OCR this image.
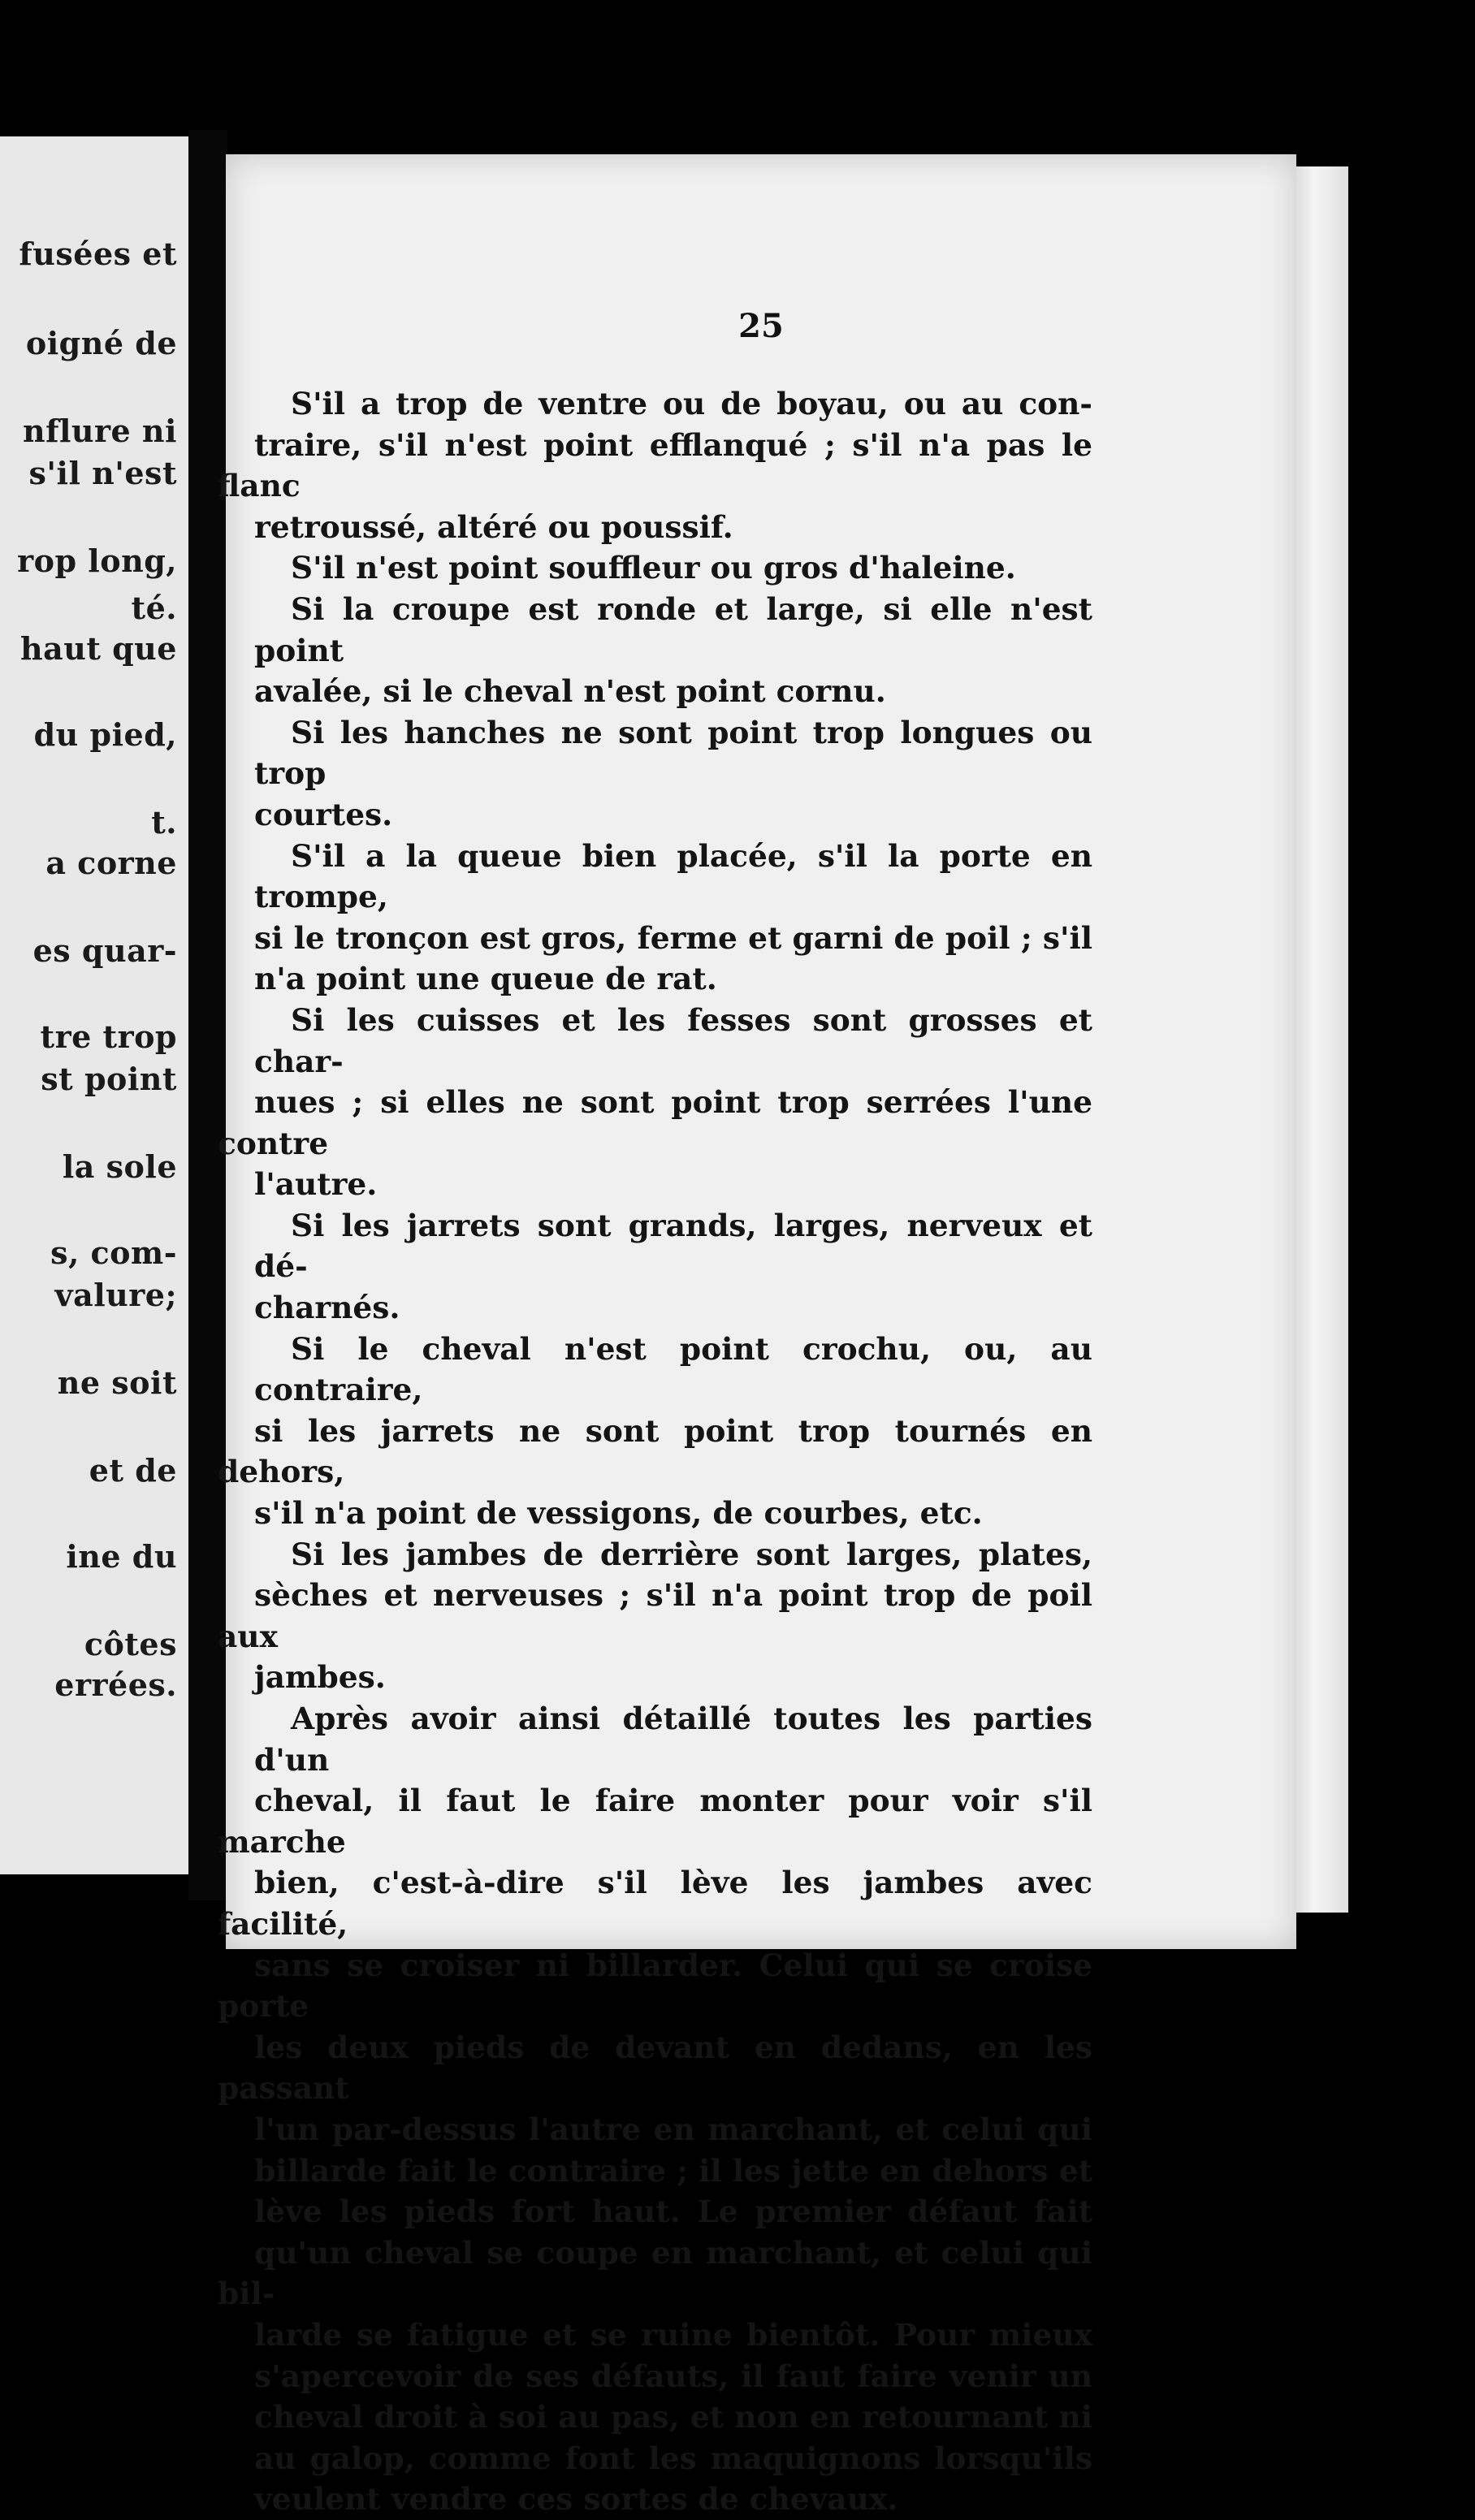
fusées et
oigné de
nflure ni
s'il n'est
rop long,
té.
haut que
du pied,
t.
a corne
es quar-
tre trop
st point
la sole
s, com-
valure;
ne soit
et de
ine du
côtes
errées.
25

S'il a trop de ventre ou de boyau, ou au con-
traire, s'il n'est point efflanqué ; s'il n'a pas le flanc
retroussé, altéré ou poussif.

S'il n'est point souffleur ou gros d'haleine.

Si la croupe est ronde et large, si elle n'est point
avalée, si le cheval n'est point cornu.

Si les hanches ne sont point trop longues ou trop
courtes.

S'il a la queue bien placée, s'il la porte en trompe,
si le tronçon est gros, ferme et garni de poil ; s'il
n'a point une queue de rat.

Si les cuisses et les fesses sont grosses et char-
nues ; si elles ne sont point trop serrées l'une contre
l'autre.

Si les jarrets sont grands, larges, nerveux et dé-
charnés.

Si le cheval n'est point crochu, ou, au contraire,
si les jarrets ne sont point trop tournés en dehors,
s'il n'a point de vessigons, de courbes, etc.

Si les jambes de derrière sont larges, plates,
sèches et nerveuses ; s'il n'a point trop de poil aux
jambes.

Après avoir ainsi détaillé toutes les parties d'un
cheval, il faut le faire monter pour voir s'il marche
bien, c'est-à-dire s'il lève les jambes avec facilité,
sans se croiser ni billarder. Celui qui se croise porte
les deux pieds de devant en dedans, en les passant
l'un par-dessus l'autre en marchant, et celui qui
billarde fait le contraire ; il les jette en dehors et
lève les pieds fort haut. Le premier défaut fait
qu'un cheval se coupe en marchant, et celui qui bil-
larde se fatigue et se ruine bientôt. Pour mieux
s'apercevoir de ses défauts, il faut faire venir un
cheval droit à soi au pas, et non en retournant ni
au galop, comme font les maquignons lorsqu'ils
veulent vendre ces sortes de chevaux.
